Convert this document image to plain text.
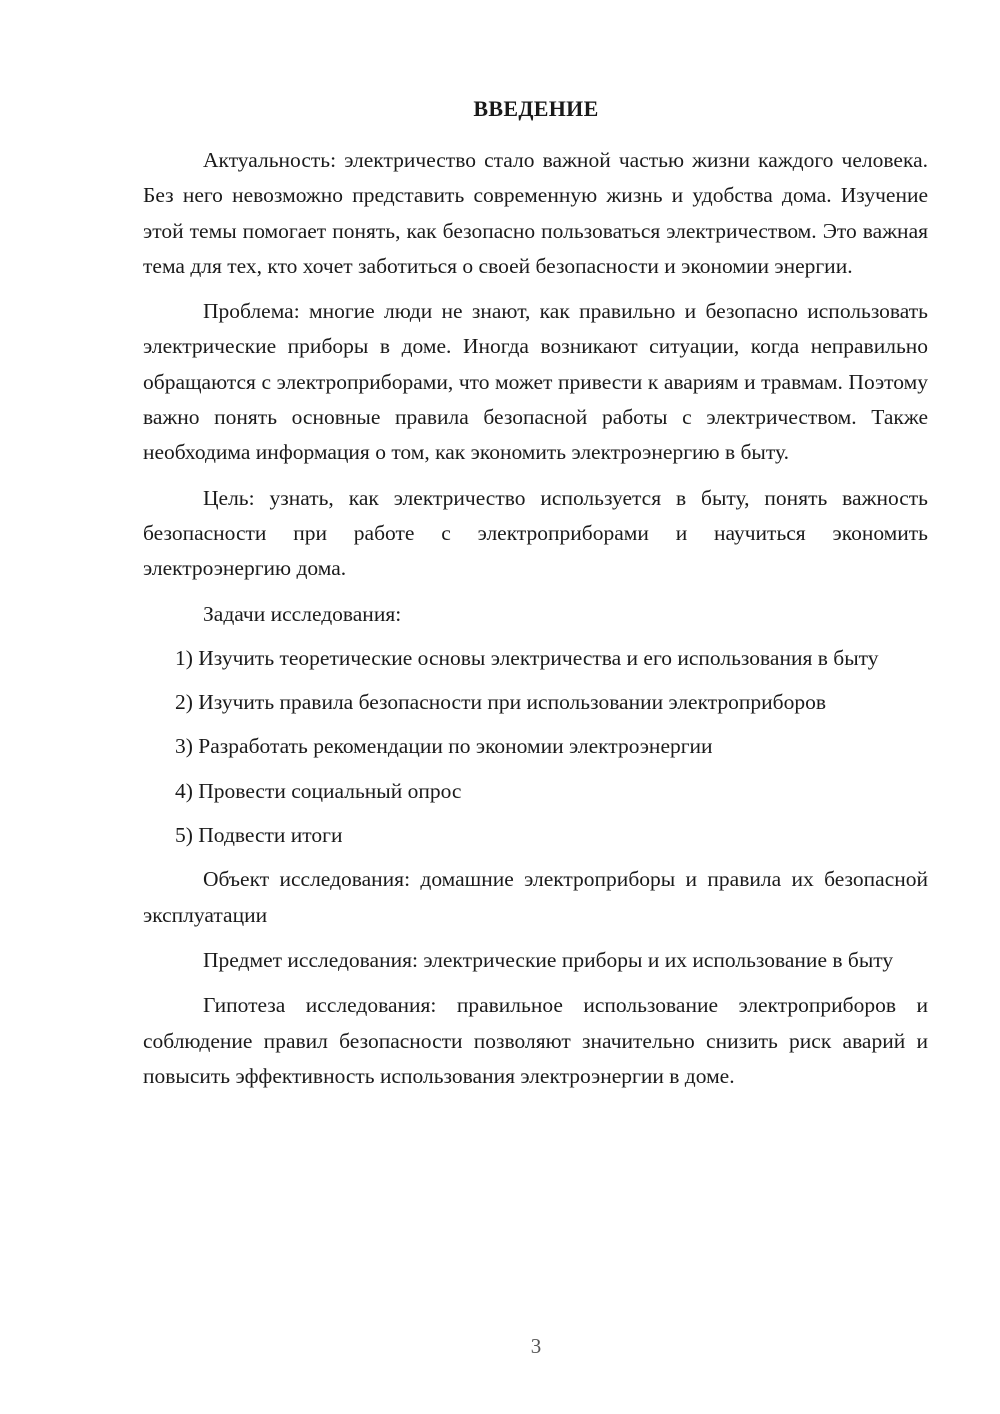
ВВЕДЕНИЕ

Актуальность: электричество стало важной частью жизни каждого человека. Без него невозможно представить современную жизнь и удобства дома. Изучение этой темы помогает понять, как безопасно пользоваться электричеством. Это важная тема для тех, кто хочет заботиться о своей безопасности и экономии энергии.

Проблема: многие люди не знают, как правильно и безопасно использовать электрические приборы в доме. Иногда возникают ситуации, когда неправильно обращаются с электроприборами, что может привести к авариям и травмам. Поэтому важно понять основные правила безопасной работы с электричеством. Также необходима информация о том, как экономить электроэнергию в быту.

Цель: узнать, как электричество используется в быту, понять важность безопасности при работе с электроприборами и научиться экономить электроэнергию дома.

Задачи исследования:

1) Изучить теоретические основы электричества и его использования в быту

2) Изучить правила безопасности при использовании электроприборов

3) Разработать рекомендации по экономии электроэнергии

4) Провести социальный опрос

5) Подвести итоги

Объект исследования: домашние электроприборы и правила их безопасной эксплуатации

Предмет исследования: электрические приборы и их использование в быту

Гипотеза исследования: правильное использование электроприборов и соблюдение правил безопасности позволяют значительно снизить риск аварий и повысить эффективность использования электроэнергии в доме.

3
